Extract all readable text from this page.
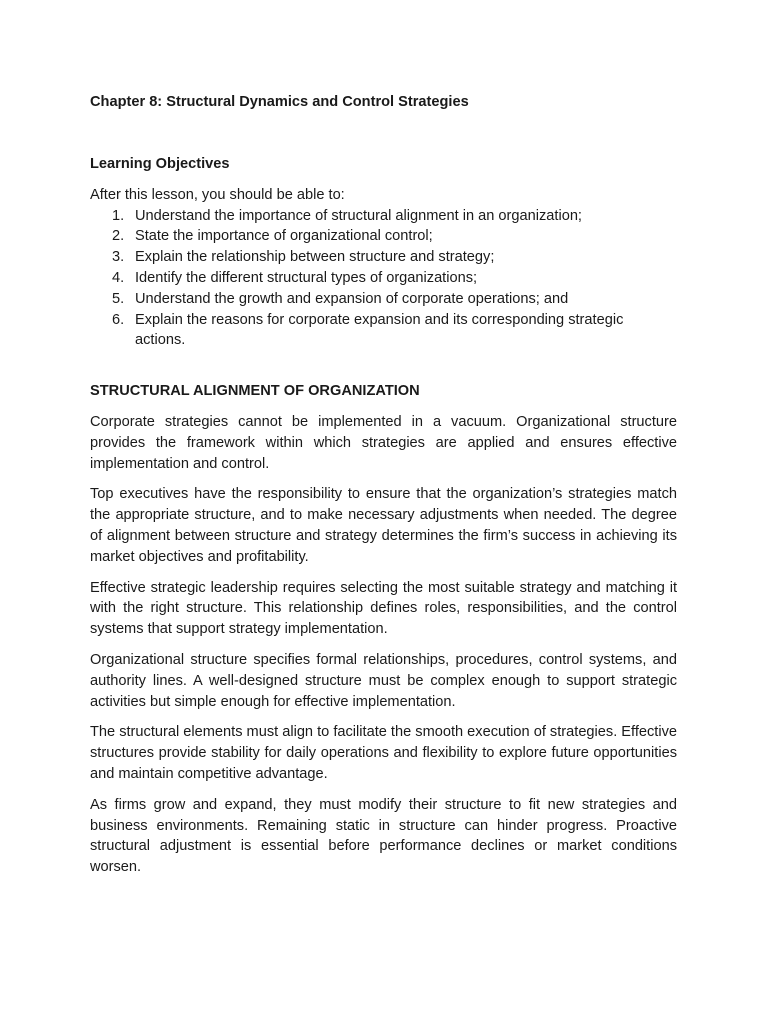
Chapter 8: Structural Dynamics and Control Strategies
Learning Objectives
After this lesson, you should be able to:
1. Understand the importance of structural alignment in an organization;
2. State the importance of organizational control;
3. Explain the relationship between structure and strategy;
4. Identify the different structural types of organizations;
5. Understand the growth and expansion of corporate operations; and
6. Explain the reasons for corporate expansion and its corresponding strategic actions.
STRUCTURAL ALIGNMENT OF ORGANIZATION

Corporate strategies cannot be implemented in a vacuum. Organizational structure provides the framework within which strategies are applied and ensures effective implementation and control.

Top executives have the responsibility to ensure that the organization’s strategies match the appropriate structure, and to make necessary adjustments when needed. The degree of alignment between structure and strategy determines the firm’s success in achieving its market objectives and profitability.

Effective strategic leadership requires selecting the most suitable strategy and matching it with the right structure. This relationship defines roles, responsibilities, and the control systems that support strategy implementation.

Organizational structure specifies formal relationships, procedures, control systems, and authority lines. A well-designed structure must be complex enough to support strategic activities but simple enough for effective implementation.

The structural elements must align to facilitate the smooth execution of strategies. Effective structures provide stability for daily operations and flexibility to explore future opportunities and maintain competitive advantage.

As firms grow and expand, they must modify their structure to fit new strategies and business environments. Remaining static in structure can hinder progress. Proactive structural adjustment is essential before performance declines or market conditions worsen.
